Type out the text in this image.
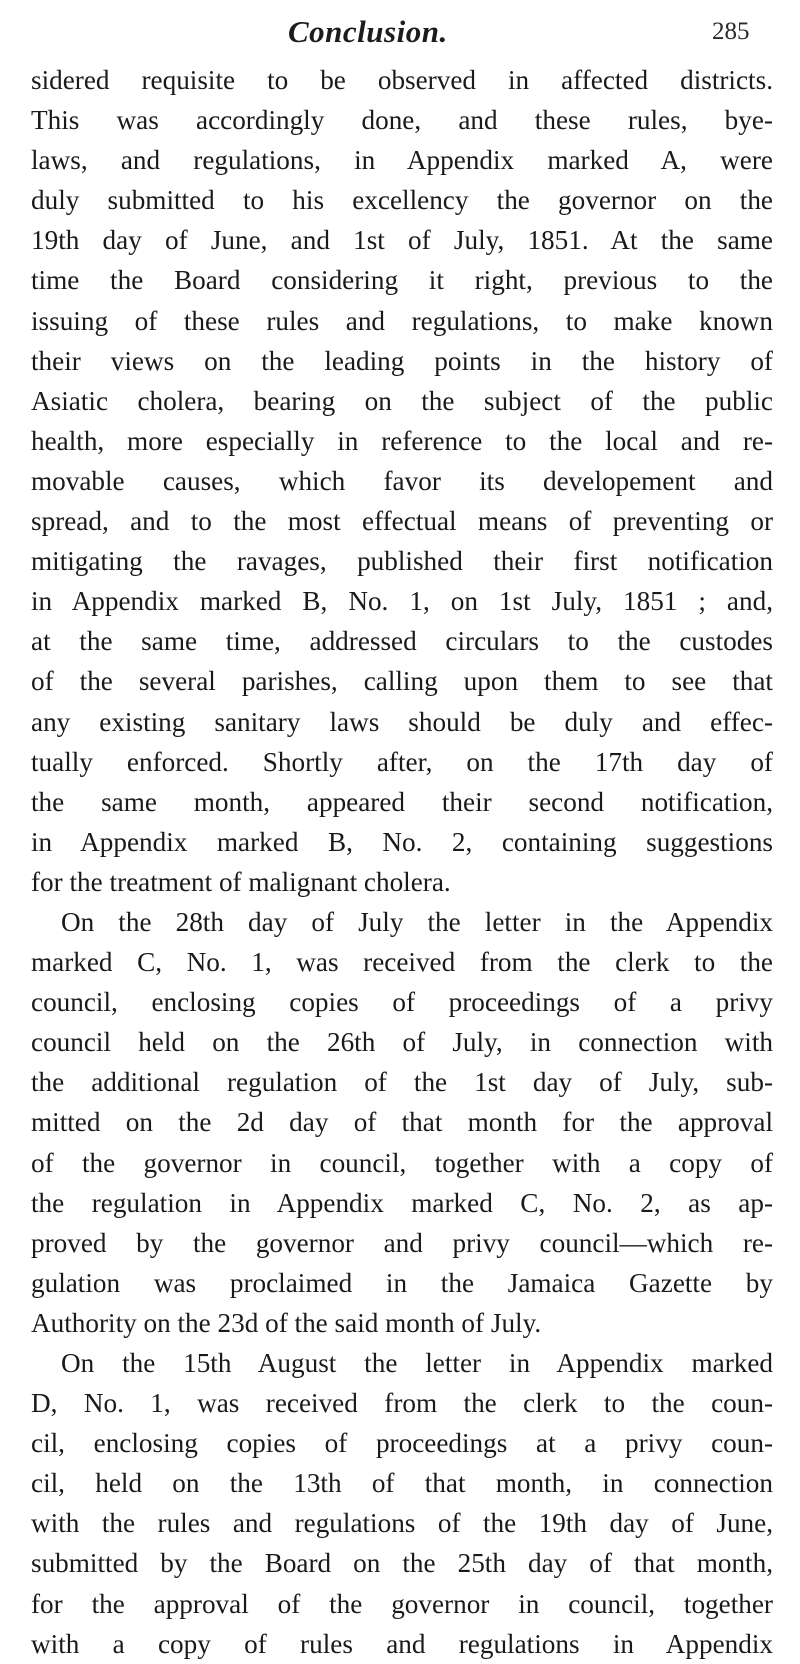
Conclusion.	285
sidered requisite to be observed in affected districts.
This was accordingly done, and these rules, bye-
laws, and regulations, in Appendix marked A, were
duly submitted to his excellency the governor on the
19th day of June, and 1st of July, 1851. At the same
time the Board considering it right, previous to the
issuing of these rules and regulations, to make known
their views on the leading points in the history of
Asiatic cholera, bearing on the subject of the public
health, more especially in reference to the local and re-
movable causes, which favor its developement and
spread, and to the most effectual means of preventing or
mitigating the ravages, published their first notification
in Appendix marked B, No. 1, on 1st July, 1851 ; and,
at the same time, addressed circulars to the custodes
of the several parishes, calling upon them to see that
any existing sanitary laws should be duly and effec-
tually enforced. Shortly after, on the 17th day of
the same month, appeared their second notification,
in Appendix marked B, No. 2, containing suggestions
for the treatment of malignant cholera.
On the 28th day of July the letter in the Appendix
marked C, No. 1, was received from the clerk to the
council, enclosing copies of proceedings of a privy
council held on the 26th of July, in connection with
the additional regulation of the 1st day of July, sub-
mitted on the 2d day of that month for the approval
of the governor in council, together with a copy of
the regulation in Appendix marked C, No. 2, as ap-
proved by the governor and privy council—which re-
gulation was proclaimed in the Jamaica Gazette by
Authority on the 23d of the said month of July.
On the 15th August the letter in Appendix marked
D, No. 1, was received from the clerk to the coun-
cil, enclosing copies of proceedings at a privy coun-
cil, held on the 13th of that month, in connection
with the rules and regulations of the 19th day of June,
submitted by the Board on the 25th day of that month,
for the approval of the governor in council, together
with a copy of rules and regulations in Appendix
